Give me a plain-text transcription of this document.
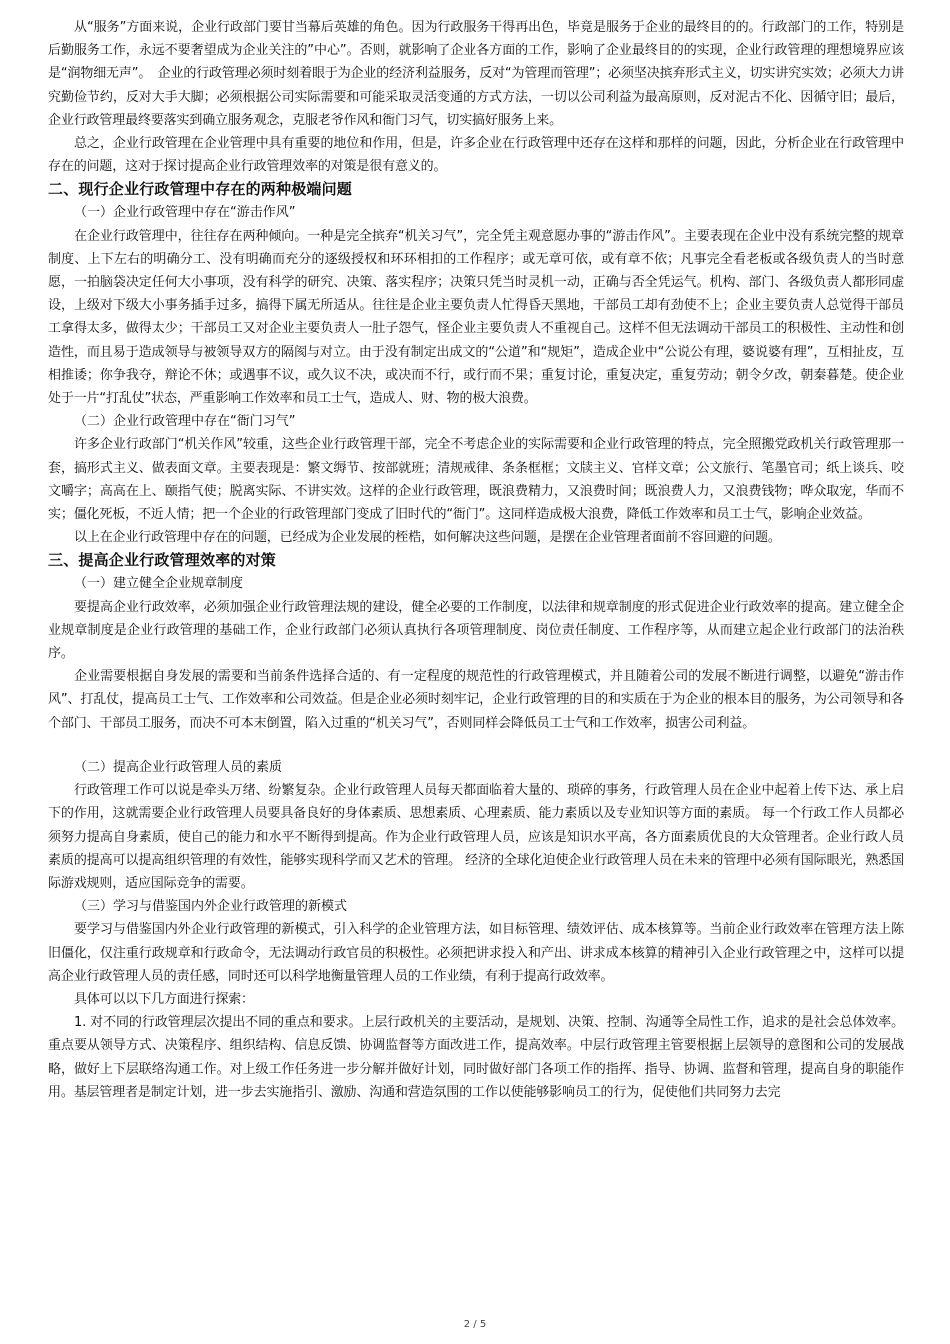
从“服务”方面来说，企业行政部门要甘当幕后英雄的角色。因为行政服务干得再出色，毕竟是服务于企业的最终目的的。行政部门的工作，特别是后勤服务工作，永远不要奢望成为企业关注的”中心”。否则，就影响了企业各方面的工作，影响了企业最终目的的实现，企业行政管理的理想境界应该是“润物细无声”。　企业的行政管理必须时刻着眼于为企业的经济利益服务，反对“为管理而管理”；必须坚决摈弃形式主义，切实讲究实效；必须大力讲究勤俭节约，反对大手大脚；必须根据公司实际需要和可能采取灵活变通的方式方法，一切以公司利益为最高原则，反对泥古不化、因循守旧；最后，企业行政管理最终要落实到确立服务观念，克服老爷作风和衙门习气，切实搞好服务上来。

总之，企业行政管理在企业管理中具有重要的地位和作用，但是，许多企业在行政管理中还存在这样和那样的问题，因此，分析企业在行政管理中存在的问题，这对于探讨提高企业行政管理效率的对策是很有意义的。

二、现行企业行政管理中存在的两种极端问题

（一）企业行政管理中存在“游击作风”

在企业行政管理中，往往存在两种倾向。一种是完全摈弃“机关习气”，完全凭主观意愿办事的“游击作风”。主要表现在企业中没有系统完整的规章制度、上下左右的明确分工、没有明确而充分的逐级授权和环环相扣的工作程序；或无章可依，或有章不依；凡事完全看老板或各级负责人的当时意愿，一拍脑袋决定任何大小事项，没有科学的研究、决策、落实程序；决策只凭当时灵机一动，正确与否全凭运气。机构、部门、各级负责人都形同虚设，上级对下级大小事务插手过多，搞得下属无所适从。往往是企业主要负责人忙得昏天黑地，干部员工却有劲使不上；企业主要负责人总觉得干部员工拿得太多，做得太少；干部员工又对企业主要负责人一肚子怨气，怪企业主要负责人不重视自己。这样不但无法调动干部员工的积极性、主动性和创造性，而且易于造成领导与被领导双方的隔阂与对立。由于没有制定出成文的“公道”和“规矩”，造成企业中“公说公有理，婆说婆有理”，互相扯皮，互相推诿；你争我夺，辩论不休；或遇事不议，或久议不决，或决而不行，或行而不果；重复讨论，重复决定，重复劳动；朝令夕改，朝秦暮楚。使企业处于一片“打乱仗”状态，严重影响工作效率和员工士气，造成人、财、物的极大浪费。

（二）企业行政管理中存在“衙门习气”

许多企业行政部门“机关作风”较重，这些企业行政管理干部，完全不考虑企业的实际需要和企业行政管理的特点，完全照搬党政机关行政管理那一套，搞形式主义、做表面文章。主要表现是：繁文缛节、按部就班；清规戒律、条条框框；文牍主义、官样文章；公文旅行、笔墨官司；纸上谈兵、咬文嚼字；高高在上、颐指气使；脱离实际、不讲实效。这样的企业行政管理，既浪费精力，又浪费时间；既浪费人力，又浪费钱物；哗众取宠，华而不实；僵化死板，不近人情；把一个企业的行政管理部门变成了旧时代的“衙门”。这同样造成极大浪费，降低工作效率和员工士气，影响企业效益。

以上在企业行政管理中存在的问题，已经成为企业发展的桎梏，如何解决这些问题，是摆在企业管理者面前不容回避的问题。

三、提高企业行政管理效率的对策

（一）建立健全企业规章制度

要提高企业行政效率，必须加强企业行政管理法规的建设，健全必要的工作制度，以法律和规章制度的形式促进企业行政效率的提高。建立健全企业规章制度是企业行政管理的基础工作，企业行政部门必须认真执行各项管理制度、岗位责任制度、工作程序等，从而建立起企业行政部门的法治秩序。

企业需要根据自身发展的需要和当前条件选择合适的、有一定程度的规范性的行政管理模式，并且随着公司的发展不断进行调整，以避免“游击作风”、打乱仗，提高员工士气、工作效率和公司效益。但是企业必须时刻牢记，企业行政管理的目的和实质在于为企业的根本目的服务，为公司领导和各个部门、干部员工服务，而决不可本末倒置，陷入过重的“机关习气”，否则同样会降低员工士气和工作效率，损害公司利益。

（二）提高企业行政管理人员的素质

行政管理工作可以说是牵头万绪、纷繁复杂。企业行政管理人员每天都面临着大量的、琐碎的事务，行政管理人员在企业中起着上传下达、承上启下的作用，这就需要企业行政管理人员要具备良好的身体素质、思想素质、心理素质、能力素质以及专业知识等方面的素质。 每一个行政工作人员都必须努力提高自身素质，使自己的能力和水平不断得到提高。作为企业行政管理人员，应该是知识水平高，各方面素质优良的大众管理者。企业行政人员素质的提高可以提高组织管理的有效性，能够实现科学而又艺术的管理。 经济的全球化迫使企业行政管理人员在未来的管理中必须有国际眼光，熟悉国际游戏规则，适应国际竞争的需要。

（三）学习与借鉴国内外企业行政管理的新模式

要学习与借鉴国内外企业行政管理的新模式，引入科学的企业管理方法，如目标管理、绩效评估、成本核算等。当前企业行政效率在管理方法上陈旧僵化，仅注重行政规章和行政命令，无法调动行政官员的积极性。必须把讲求投入和产出、讲求成本核算的精神引入企业行政管理之中，这样可以提高企业行政管理人员的责任感，同时还可以科学地衡量管理人员的工作业绩，有利于提高行政效率。

具体可以以下几方面进行探索：

1. 对不同的行政管理层次提出不同的重点和要求。上层行政机关的主要活动，是规划、决策、控制、沟通等全局性工作，追求的是社会总体效率。重点要从领导方式、决策程序、组织结构、信息反馈、协调监督等方面改进工作，提高效率。中层行政管理主管要根据上层领导的意图和公司的发展战略，做好上下层联络沟通工作。对上级工作任务进一步分解并做好计划，同时做好部门各项工作的指挥、指导、协调、监督和管理，提高自身的职能作用。基层管理者是制定计划，进一步去实施指引、激励、沟通和营造氛围的工作以使能够影响员工的行为，促使他们共同努力去完

2 / 5
